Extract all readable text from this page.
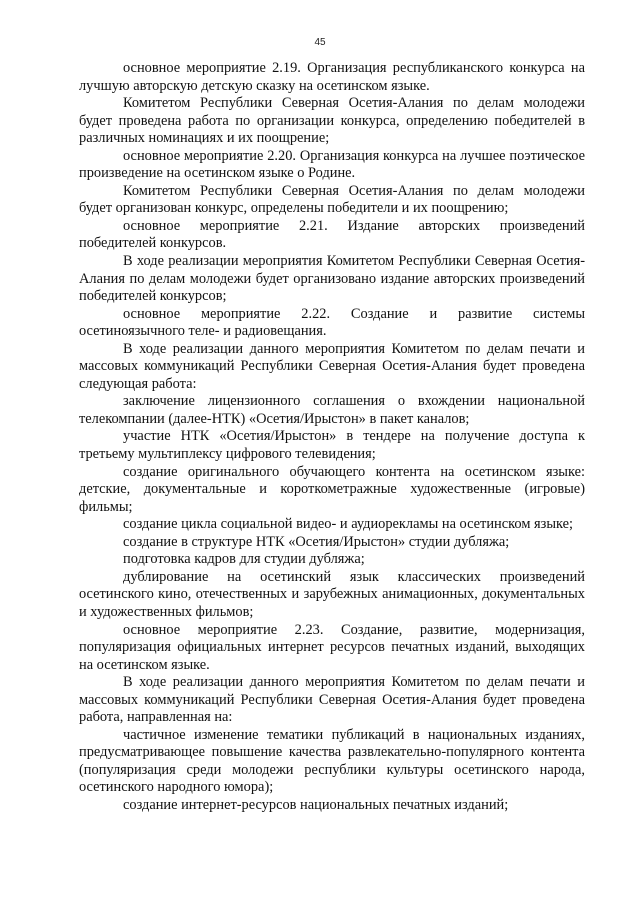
45

основное мероприятие 2.19. Организация республиканского конкурса на лучшую авторскую детскую сказку на осетинском языке.

Комитетом Республики Северная Осетия-Алания по делам молодежи будет проведена работа по организации конкурса, определению победителей в различных номинациях и их поощрение;

основное мероприятие 2.20. Организация конкурса на лучшее поэтическое произведение на осетинском языке о Родине.

Комитетом Республики Северная Осетия-Алания по делам молодежи будет организован конкурс, определены победители и их поощрению;

основное мероприятие 2.21. Издание авторских произведений победителей конкурсов.

В ходе реализации мероприятия Комитетом Республики Северная Осетия-Алания по делам молодежи будет организовано издание авторских произведений победителей конкурсов;

основное мероприятие 2.22. Создание и развитие системы осетиноязычного теле- и радиовещания.

В ходе реализации данного мероприятия Комитетом по делам печати и массовых коммуникаций Республики Северная Осетия-Алания будет проведена следующая работа:

заключение лицензионного соглашения о вхождении национальной телекомпании (далее-НТК) «Осетия/Ирыстон» в пакет каналов;

участие НТК «Осетия/Ирыстон» в тендере на получение доступа к третьему мультиплексу цифрового телевидения;

создание оригинального обучающего контента на осетинском языке: детские, документальные и короткометражные художественные (игровые) фильмы;

создание цикла социальной видео- и аудиорекламы на осетинском языке;

создание в структуре НТК «Осетия/Ирыстон» студии дубляжа;

подготовка кадров для студии дубляжа;

дублирование на осетинский язык классических произведений осетинского кино, отечественных и зарубежных анимационных, документальных и художественных фильмов;

основное мероприятие 2.23. Создание, развитие, модернизация, популяризация официальных интернет ресурсов печатных изданий, выходящих на осетинском языке.

В ходе реализации данного мероприятия Комитетом по делам печати и массовых коммуникаций Республики Северная Осетия-Алания будет проведена работа, направленная на:

частичное изменение тематики публикаций в национальных изданиях, предусматривающее повышение качества развлекательно-популярного контента (популяризация среди молодежи республики культуры осетинского народа, осетинского народного юмора);

создание интернет-ресурсов национальных печатных изданий;
